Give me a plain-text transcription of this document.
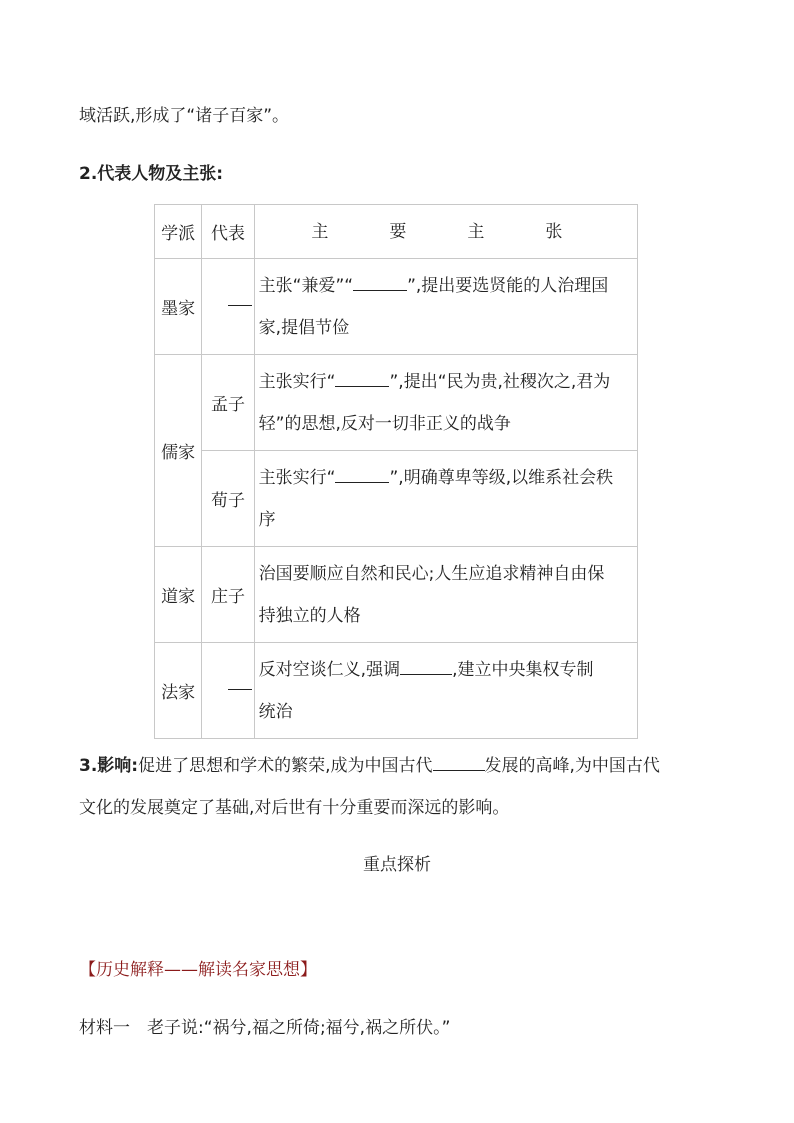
域活跃,形成了“诸子百家”。
2.代表人物及主张:
学派	代表	主　要　主　张
墨家		主张“兼爱”“ ”,提出要选贤能的人治理国
家,提倡节俭
儒家	孟子	主张实行“ ”,提出“民为贵,社稷次之,君为
轻”的思想,反对一切非正义的战争
	荀子	主张实行“ ”,明确尊卑等级,以维系社会秩
序
道家	庄子	治国要顺应自然和民心;人生应追求精神自由保
持独立的人格
法家		反对空谈仁义,强调 ,建立中央集权专制
统治
3.影响:促进了思想和学术的繁荣,成为中国古代	发展的高峰,为中国古代
文化的发展奠定了基础,对后世有十分重要而深远的影响。
重点探析
【历史解释——解读名家思想】
材料一　老子说:“祸兮,福之所倚;福兮,祸之所伏。”
